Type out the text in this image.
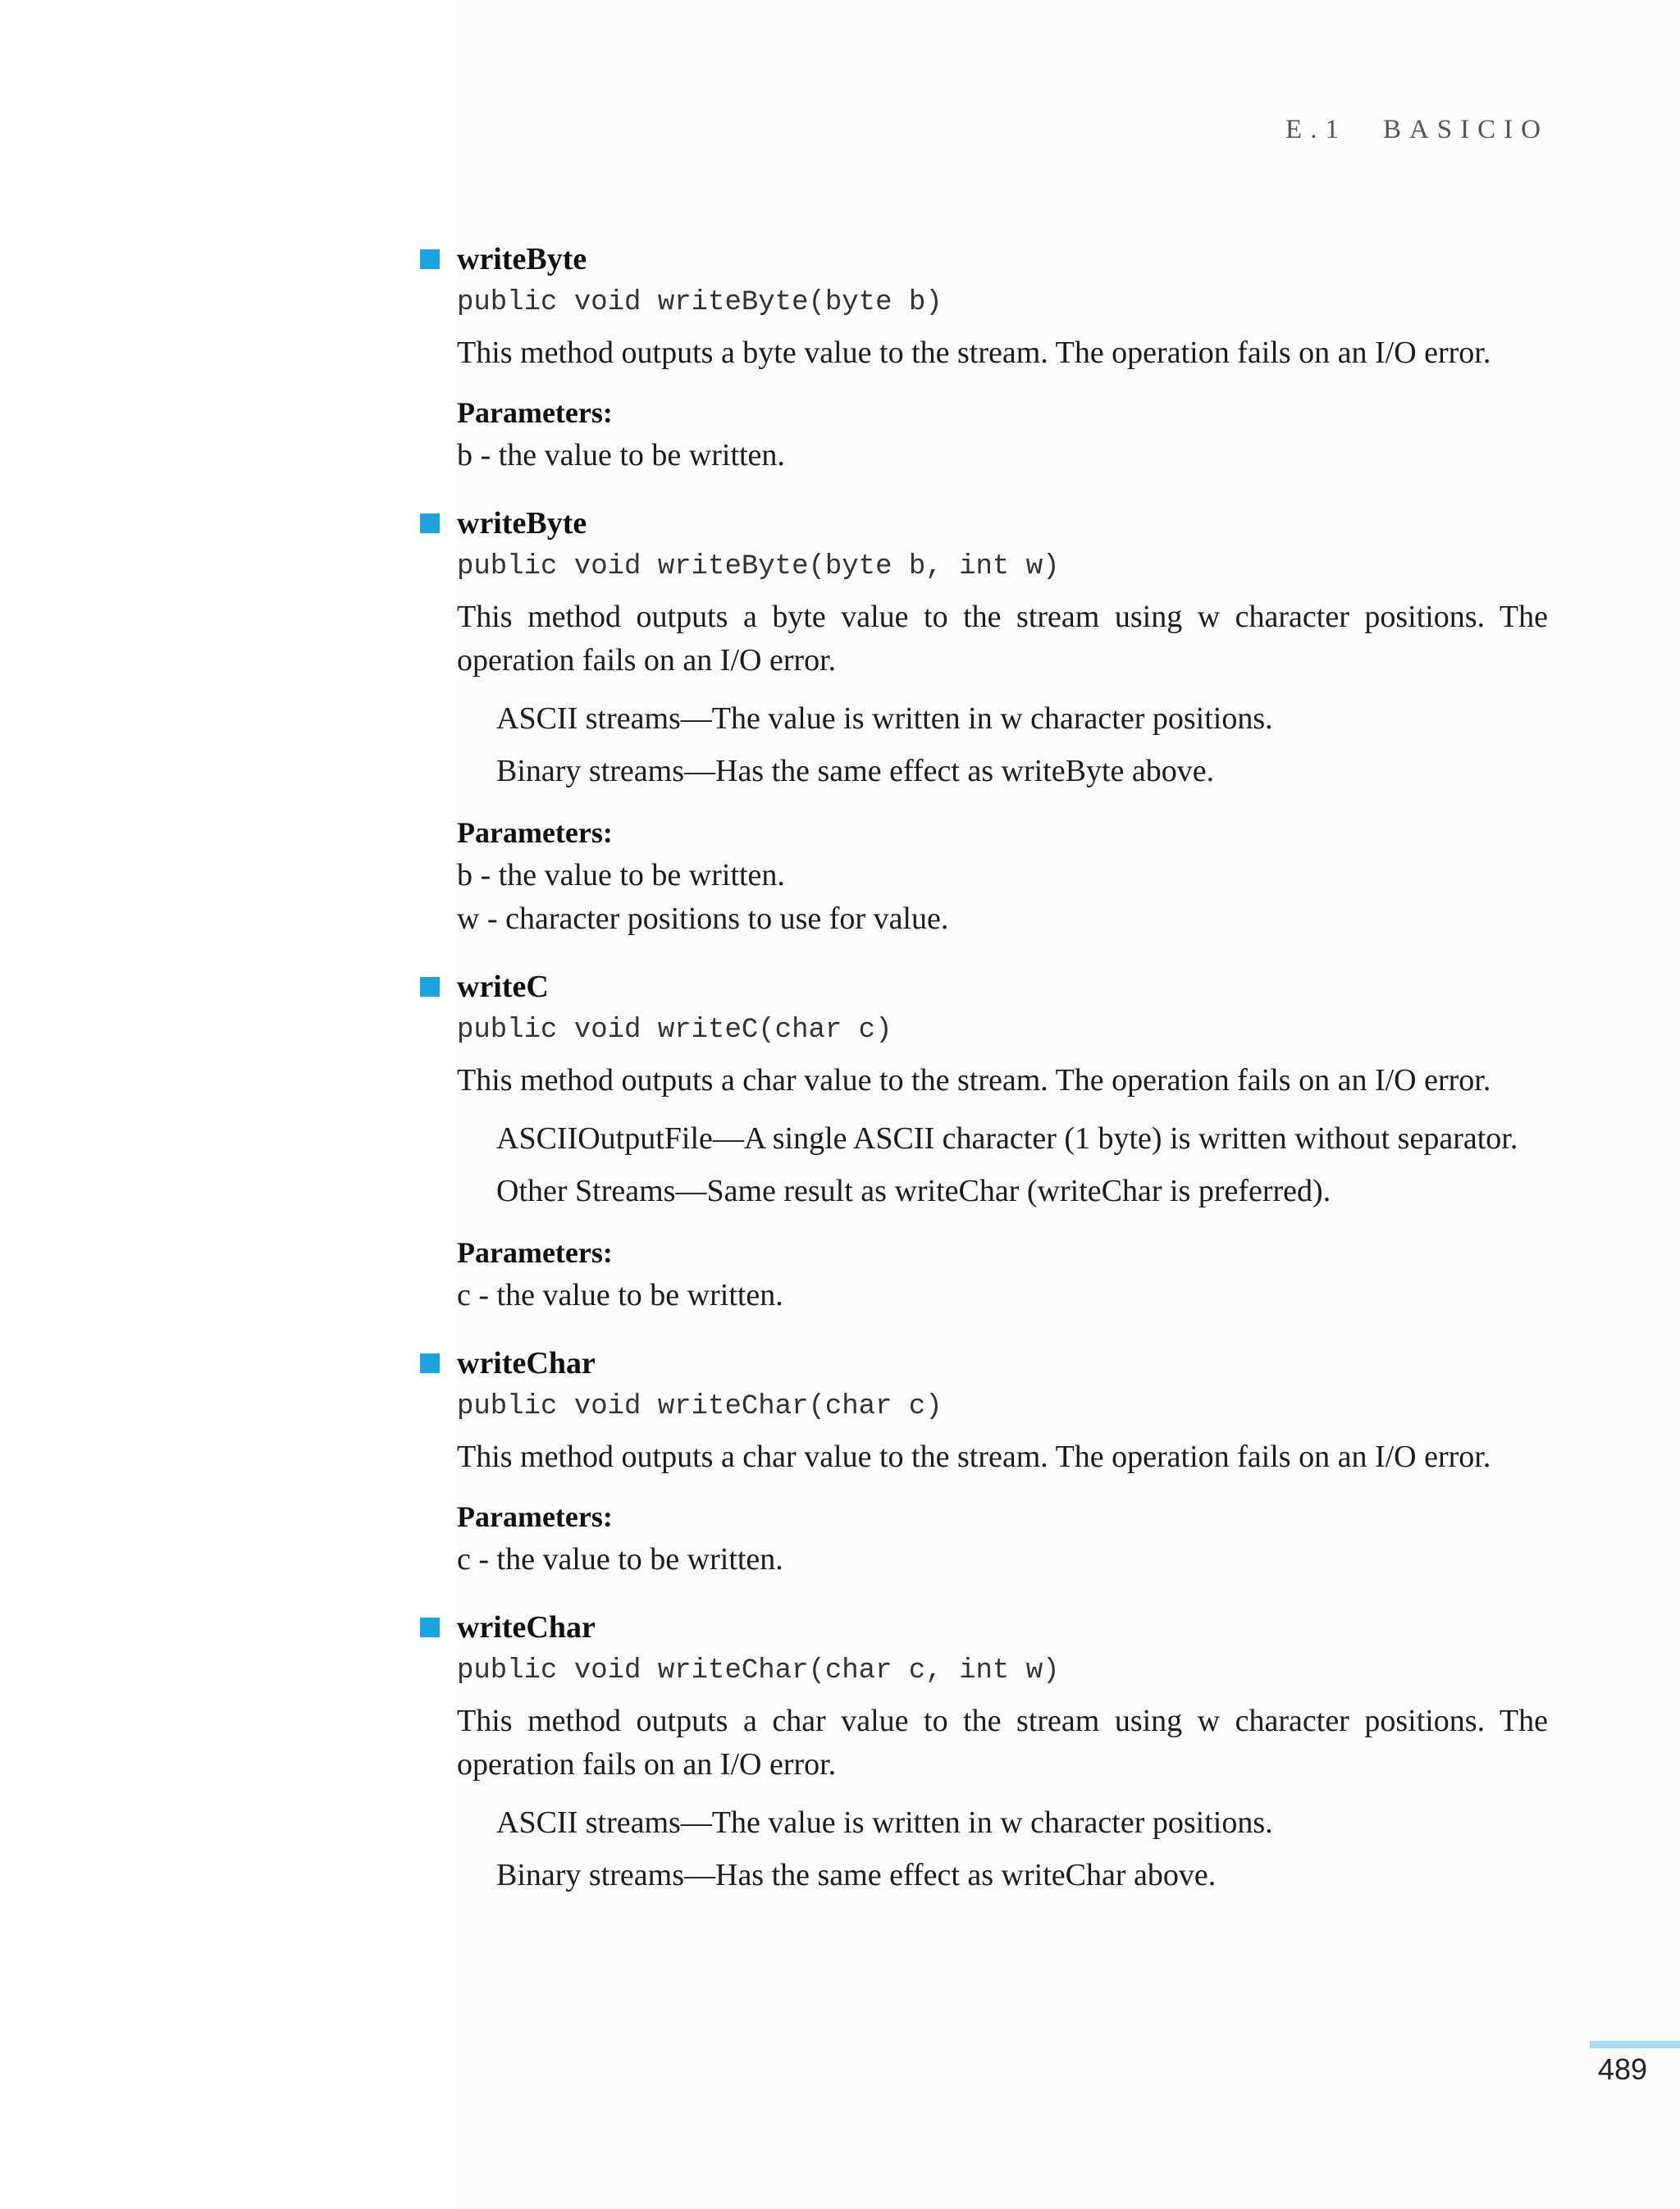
E.1 BASICIO
writeByte
public void writeByte(byte b)
This method outputs a byte value to the stream. The operation fails on an I/O error.
Parameters:
b - the value to be written.
writeByte
public void writeByte(byte b, int w)
This method outputs a byte value to the stream using w character positions. The operation fails on an I/O error.
ASCII streams—The value is written in w character positions.
Binary streams—Has the same effect as writeByte above.
Parameters:
b - the value to be written.
w - character positions to use for value.
writeC
public void writeC(char c)
This method outputs a char value to the stream. The operation fails on an I/O error.
ASCIIOutputFile—A single ASCII character (1 byte) is written without separator.
Other Streams—Same result as writeChar (writeChar is preferred).
Parameters:
c - the value to be written.
writeChar
public void writeChar(char c)
This method outputs a char value to the stream. The operation fails on an I/O error.
Parameters:
c - the value to be written.
writeChar
public void writeChar(char c, int w)
This method outputs a char value to the stream using w character positions. The operation fails on an I/O error.
ASCII streams—The value is written in w character positions.
Binary streams—Has the same effect as writeChar above.
489
